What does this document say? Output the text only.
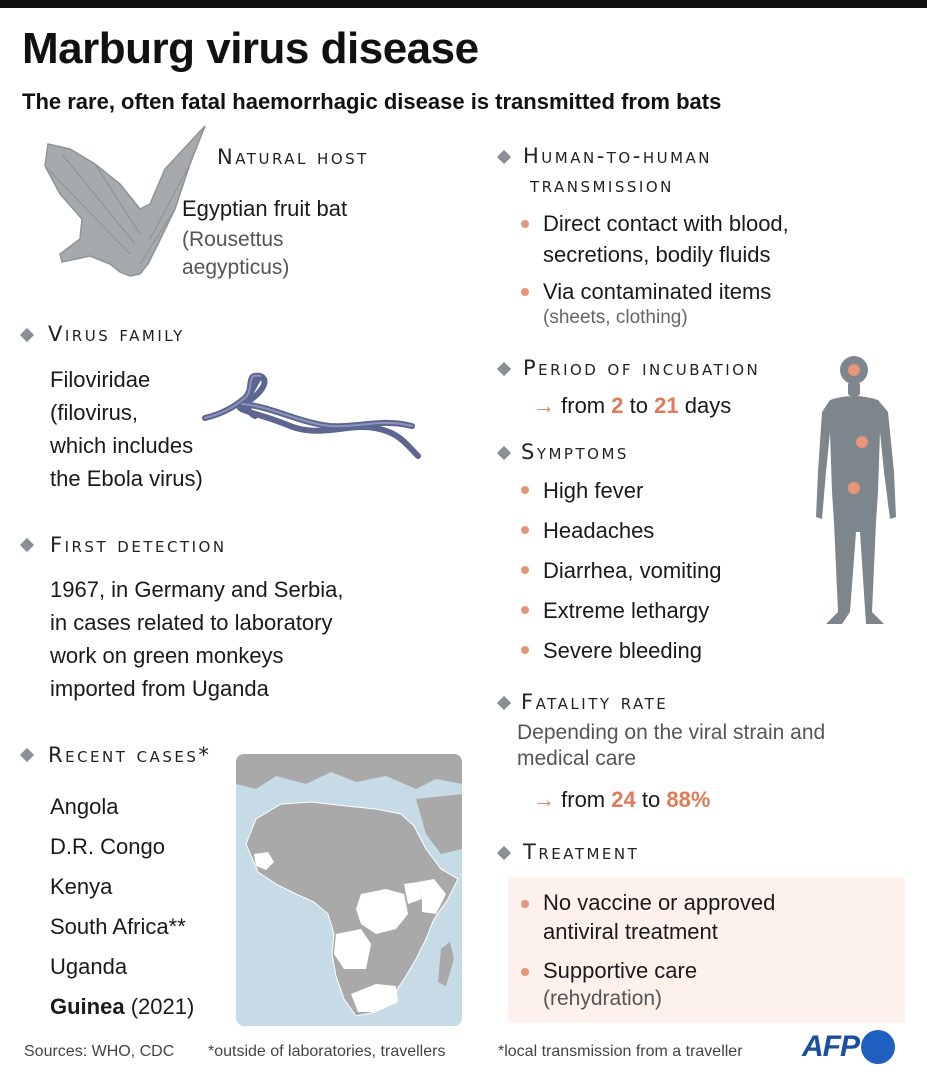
Marburg virus disease
The rare, often fatal haemorrhagic disease is transmitted from bats
Natural host
Egyptian fruit bat
(Rousettus
aegypticus)
Virus family
Filoviridae
(filovirus,
which includes
the Ebola virus)
First detection
1967, in Germany and Serbia,
in cases related to laboratory
work on green monkeys
imported from Uganda
Recent cases*
Angola
D.R. Congo
Kenya
South Africa**
Uganda
Guinea (2021)
Human-to-human
transmission
Direct contact with blood,
secretions, bodily fluids
Via contaminated items
(sheets, clothing)
Period of incubation
→ from 2 to 21 days
Symptoms
High fever
Headaches
Diarrhea, vomiting
Extreme lethargy
Severe bleeding
Fatality rate
Depending on the viral strain and
medical care
→ from 24 to 88%
Treatment
No vaccine or approved
antiviral treatment
Supportive care
(rehydration)
Sources: WHO, CDC *outside of laboratories, travellers	*local transmission from a traveller AFP
